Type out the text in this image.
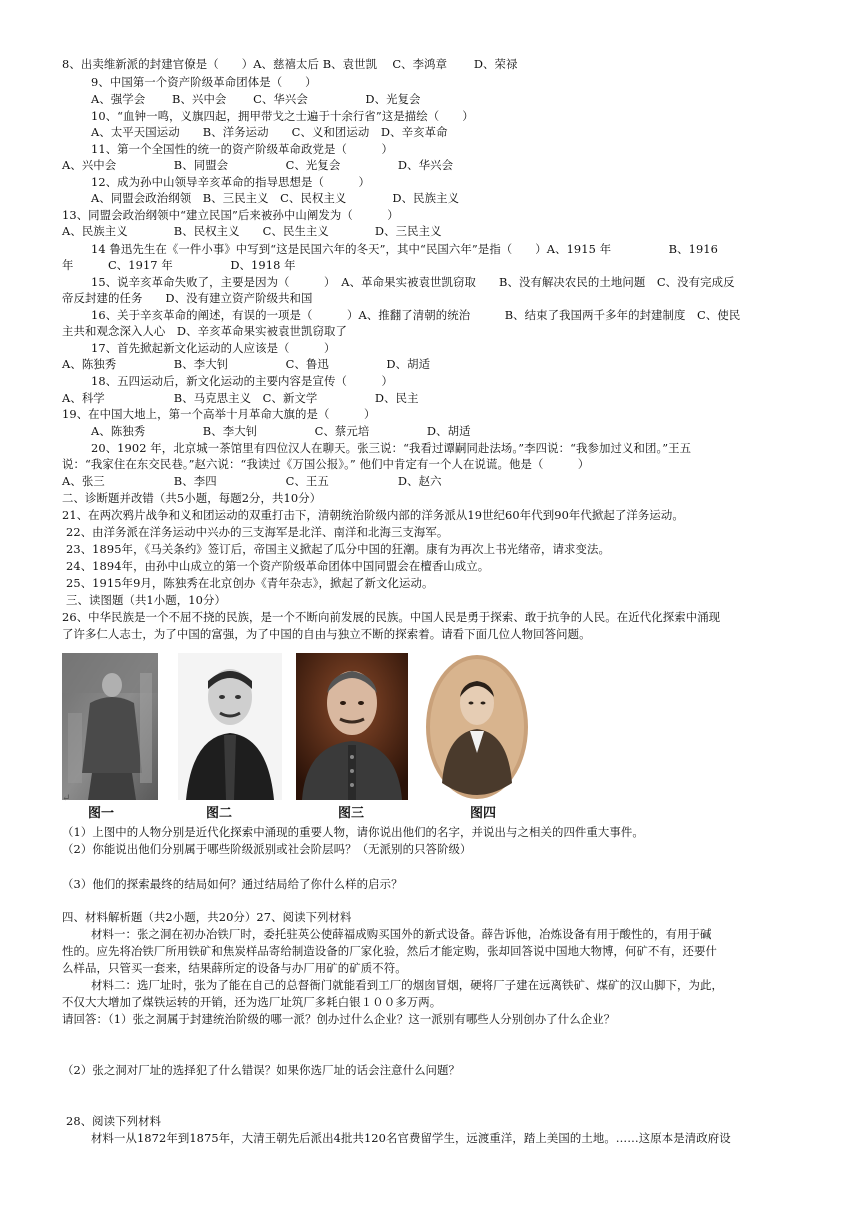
8、出卖维新派的封建官僚是（　　）A、慈禧太后 B、袁世凯　 C、李鸿章　　 D、荣禄
9、中国第一个资产阶级革命团体是（　　）
A、强学会　　 B、兴中会　　 C、华兴会　　　　　D、光复会
10、“血钟一鸣，义旗四起，拥甲带戈之士遍于十余行省”这是描绘（　　）
A、太平天国运动　　B、洋务运动　　C、义和团运动　D、辛亥革命
11、第一个全国性的统一的资产阶级革命政党是（　　　）
A、兴中会　　　　　B、同盟会　　　　　C、光复会　　　　　D、华兴会
12、成为孙中山领导辛亥革命的指导思想是（　　　）
A、同盟会政治纲领　B、三民主义　C、民权主义　　　　D、民族主义
13、同盟会政治纲领中“建立民国”后来被孙中山阐发为（　　　）
A、民族主义　　　　B、民权主义　　C、民生主义　　　　D、三民主义
14 鲁迅先生在《一件小事》中写到“这是民国六年的冬天”，其中“民国六年”是指（　　）A、1915 年　　　　　B、1916
年　　　C、1917 年　　　　　D、1918 年
15、说辛亥革命失败了，主要是因为（　　　）　A、革命果实被袁世凯窃取　　B、没有解决农民的土地问题　C、没有完成反
帝反封建的任务　　D、没有建立资产阶级共和国
16、关于辛亥革命的阐述，有误的一项是（　　　）A、推翻了清朝的统治　　　B、结束了我国两千多年的封建制度　C、使民
主共和观念深入人心　D、辛亥革命果实被袁世凯窃取了
17、首先掀起新文化运动的人应该是（　　　）
A、陈独秀　　　　　B、李大钊　　　　　C、鲁迅　　　　　D、胡适
18、五四运动后，新文化运动的主要内容是宣传（　　　）
A、科学　　　　　　B、马克思主义　C、新文学　　　　　D、民主
19、在中国大地上，第一个高举十月革命大旗的是（　　　）
A、陈独秀　　　　　B、李大钊　　　　　C、蔡元培　　　　　D、胡适
20、1902 年，北京城一茶馆里有四位汉人在聊天。张三说：“我看过谭嗣同赴法场。”李四说：“我参加过义和团。”王五
说：“我家住在东交民巷。”赵六说：“我读过《万国公报》。” 他们中肯定有一个人在说谎。他是（　　　）
A、张三　　　　　　B、李四　　　　　　C、王五　　　　　　D、赵六
二、诊断题并改错（共5小题，每题2分，共10分）
21、在两次鸦片战争和义和团运动的双重打击下，清朝统治阶级内部的洋务派从19世纪60年代到90年代掀起了洋务运动。
22、由洋务派在洋务运动中兴办的三支海军是北洋、南洋和北海三支海军。
23、1895年，《马关条约》签订后，帝国主义掀起了瓜分中国的狂潮。康有为再次上书光绪帝，请求变法。
24、1894年，由孙中山成立的第一个资产阶级革命团体中国同盟会在檀香山成立。
25、1915年9月，陈独秀在北京创办《青年杂志》，掀起了新文化运动。
三、读图题（共1小题，10分）
26、中华民族是一个不屈不挠的民族，是一个不断向前发展的民族。中国人民是勇于探索、敢于抗争的人民。在近代化探索中涌现
了许多仁人志士，为了中国的富强，为了中国的自由与独立不断的探索着。请看下面几位人物回答问题。
（1）上图中的人物分别是近代化探索中涌现的重要人物，请你说出他们的名字，并说出与之相关的四件重大事件。
（2）你能说出他们分别属于哪些阶级派别或社会阶层吗？（无派别的只答阶级）
（3）他们的探索最终的结局如何？通过结局给了你什么样的启示？
四、材料解析题（共2小题，共20分）27、阅读下列材料
材料一：张之洞在初办冶铁厂时，委托驻英公使薛福成购买国外的新式设备。薛告诉他，冶炼设备有用于酸性的，有用于碱
性的。应先将冶铁厂所用铁矿和焦炭样品寄给制造设备的厂家化验，然后才能定购，张却回答说中国地大物博，何矿不有，还要什
么样品，只管买一套来，结果薛所定的设备与办厂用矿的矿质不符。
材料二：选厂址时，张为了能在自己的总督衙门就能看到工厂的烟囱冒烟，硬将厂子建在远离铁矿、煤矿的汉山脚下，为此，
不仅大大增加了煤铁运转的开销，还为选厂址筑厂多耗白银１００多万两。
请回答：（1）张之洞属于封建统治阶级的哪一派？创办过什么企业？这一派别有哪些人分别创办了什么企业？
（2）张之洞对厂址的选择犯了什么错误？如果你选厂址的话会注意什么问题？
28、阅读下列材料
材料一从1872年到1875年，大清王朝先后派出4批共120名官费留学生，远渡重洋，踏上美国的土地。……这原本是清政府设
↵
图一	图二	图三	图四
